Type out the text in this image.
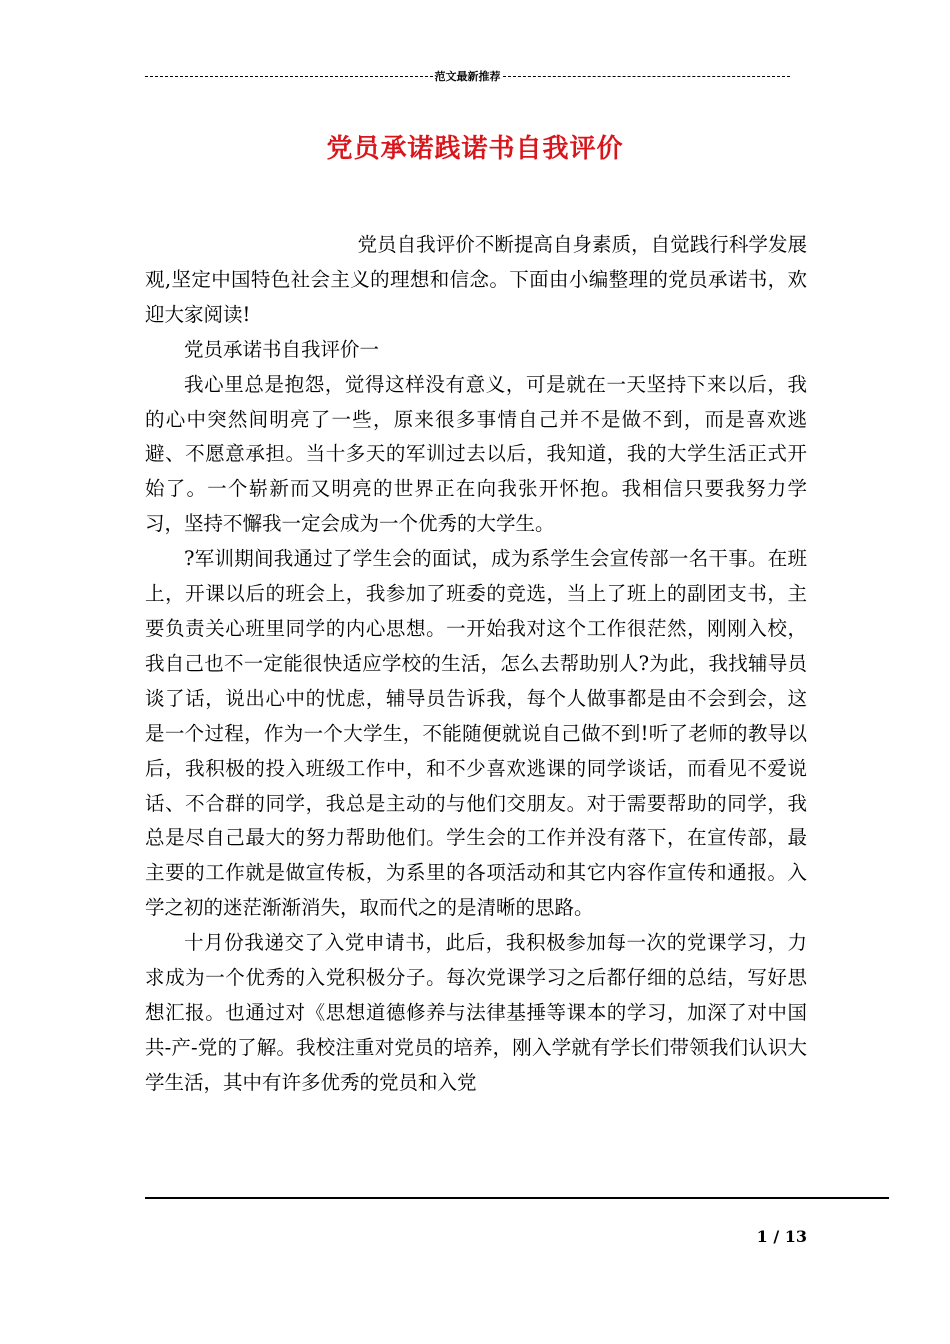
范文最新推荐
党员承诺践诺书自我评价

党员自我评价不断提高自身素质，自觉践行科学发展观,坚定中国特色社会主义的理想和信念。下面由小编整理的党员承诺书，欢迎大家阅读!

党员承诺书自我评价一

我心里总是抱怨，觉得这样没有意义，可是就在一天坚持下来以后，我的心中突然间明亮了一些，原来很多事情自己并不是做不到，而是喜欢逃避、不愿意承担。当十多天的军训过去以后，我知道，我的大学生活正式开始了。一个崭新而又明亮的世界正在向我张开怀抱。我相信只要我努力学习，坚持不懈我一定会成为一个优秀的大学生。

?军训期间我通过了学生会的面试，成为系学生会宣传部一名干事。在班上，开课以后的班会上，我参加了班委的竞选，当上了班上的副团支书，主要负责关心班里同学的内心思想。一开始我对这个工作很茫然，刚刚入校，我自己也不一定能很快适应学校的生活，怎么去帮助别人?为此，我找辅导员谈了话，说出心中的忧虑，辅导员告诉我，每个人做事都是由不会到会，这是一个过程，作为一个大学生，不能随便就说自己做不到!听了老师的教导以后，我积极的投入班级工作中，和不少喜欢逃课的同学谈话，而看见不爱说话、不合群的同学，我总是主动的与他们交朋友。对于需要帮助的同学，我总是尽自己最大的努力帮助他们。学生会的工作并没有落下，在宣传部，最主要的工作就是做宣传板，为系里的各项活动和其它内容作宣传和通报。入学之初的迷茫渐渐消失，取而代之的是清晰的思路。

十月份我递交了入党申请书，此后，我积极参加每一次的党课学习，力求成为一个优秀的入党积极分子。每次党课学习之后都仔细的总结，写好思想汇报。也通过对《思想道德修养与法律基捶等课本的学习，加深了对中国共-产-党的了解。我校注重对党员的培养，刚入学就有学长们带领我们认识大学生活，其中有许多优秀的党员和入党

1 / 13
